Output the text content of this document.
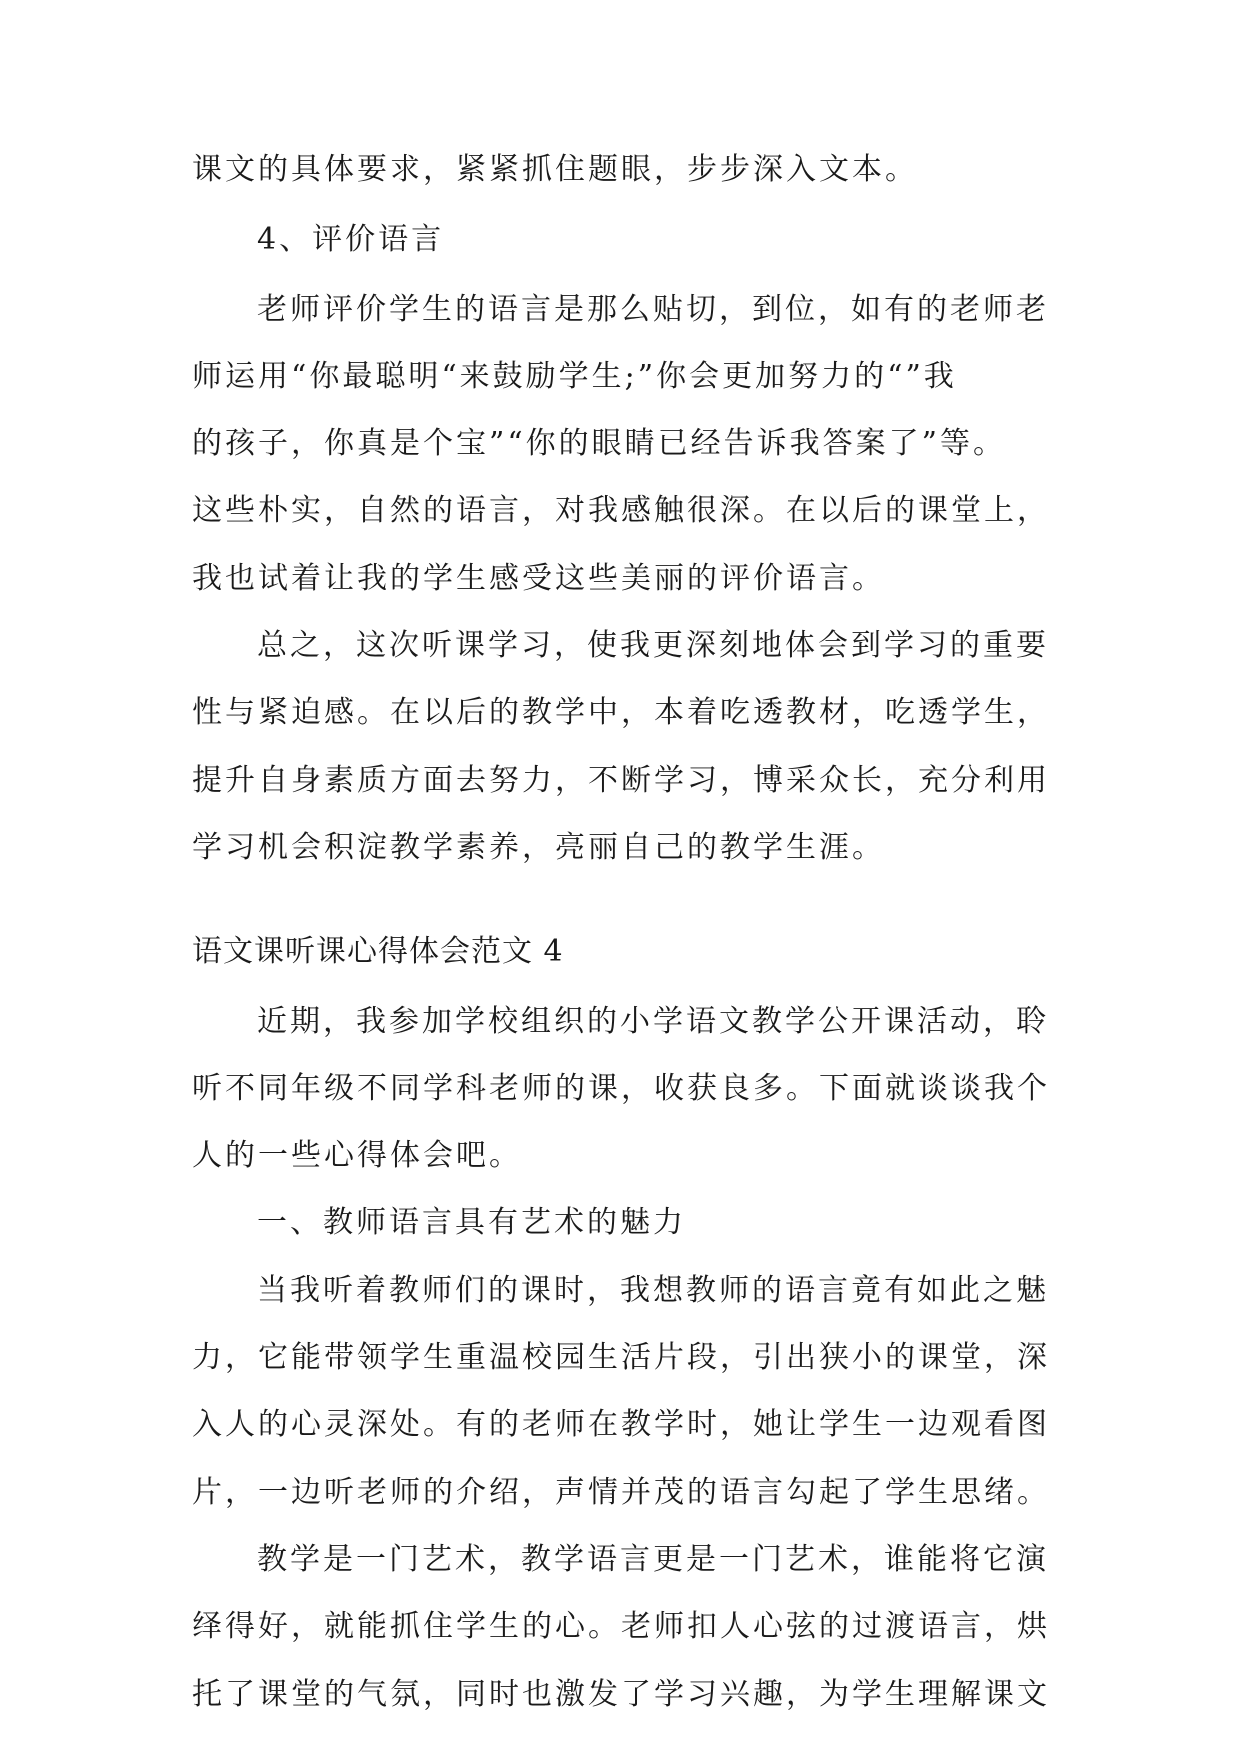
课文的具体要求，紧紧抓住题眼，步步深入文本。
4、评价语言
老师评价学生的语言是那么贴切，到位，如有的老师老
师运用“你最聪明“来鼓励学生;”你会更加努力的“”我
的孩子，你真是个宝”“你的眼睛已经告诉我答案了”等。
这些朴实，自然的语言，对我感触很深。在以后的课堂上，
我也试着让我的学生感受这些美丽的评价语言。
总之，这次听课学习，使我更深刻地体会到学习的重要
性与紧迫感。在以后的教学中，本着吃透教材，吃透学生，
提升自身素质方面去努力，不断学习，博采众长，充分利用
学习机会积淀教学素养，亮丽自己的教学生涯。
语文课听课心得体会范文 4
近期，我参加学校组织的小学语文教学公开课活动，聆
听不同年级不同学科老师的课，收获良多。下面就谈谈我个
人的一些心得体会吧。
一、教师语言具有艺术的魅力
当我听着教师们的课时，我想教师的语言竟有如此之魅
力，它能带领学生重温校园生活片段，引出狭小的课堂，深
入人的心灵深处。有的老师在教学时，她让学生一边观看图
片，一边听老师的介绍，声情并茂的语言勾起了学生思绪。
教学是一门艺术，教学语言更是一门艺术，谁能将它演
绎得好，就能抓住学生的心。老师扣人心弦的过渡语言，烘
托了课堂的气氛，同时也激发了学习兴趣，为学生理解课文
